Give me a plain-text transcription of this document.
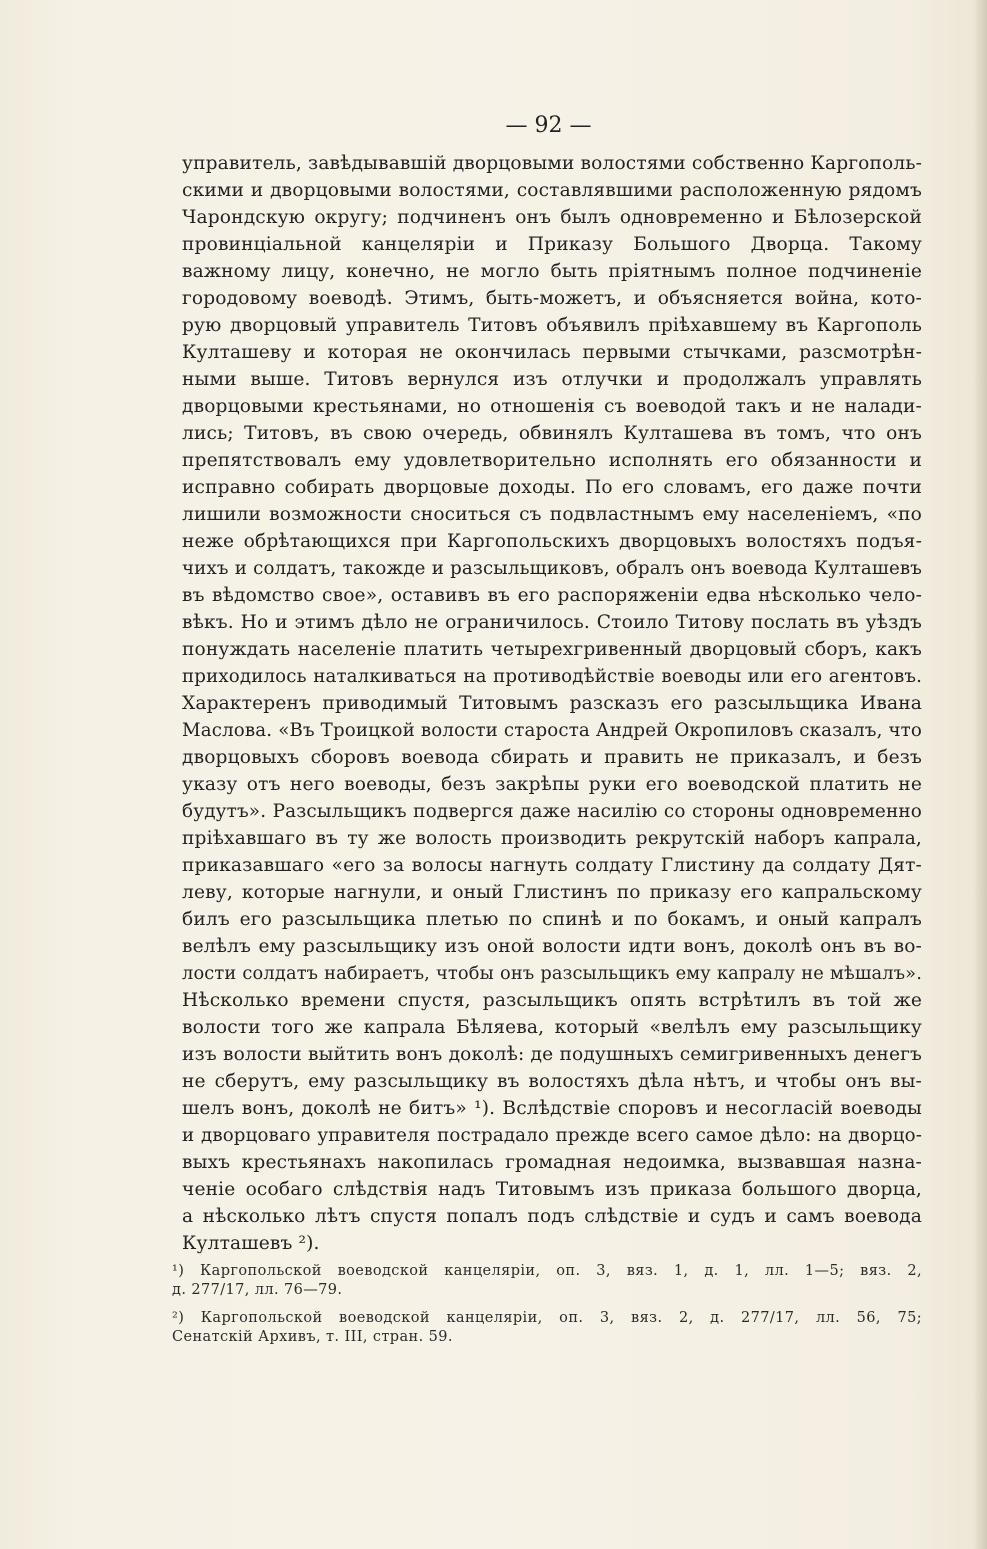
— 92 —
управитель, завѣдывавшій дворцовыми волостями собственно Каргополь-
скими и дворцовыми волостями, составлявшими расположенную рядомъ
Чарондскую округу; подчиненъ онъ былъ одновременно и Бѣлозерской
провинціальной канцеляріи и Приказу Большого Дворца. Такому
важному лицу, конечно, не могло быть пріятнымъ полное подчиненіе
городовому воеводѣ. Этимъ, быть-можетъ, и объясняется война, кото-
рую дворцовый управитель Титовъ объявилъ пріѣхавшему въ Каргополь
Култашеву и которая не окончилась первыми стычками, разсмотрѣн-
ными выше. Титовъ вернулся изъ отлучки и продолжалъ управлять
дворцовыми крестьянами, но отношенія съ воеводой такъ и не налади-
лись; Титовъ, въ свою очередь, обвинялъ Култашева въ томъ, что онъ
препятствовалъ ему удовлетворительно исполнять его обязанности и
исправно собирать дворцовые доходы. По его словамъ, его даже почти
лишили возможности сноситься съ подвластнымъ ему населеніемъ, «по
неже обрѣтающихся при Каргопольскихъ дворцовыхъ волостяхъ подъя-
чихъ и солдатъ, такожде и разсыльщиковъ, обралъ онъ воевода Култашевъ
въ вѣдомство свое», оставивъ въ его распоряженіи едва нѣсколько чело-
вѣкъ. Но и этимъ дѣло не ограничилось. Стоило Титову послать въ уѣздъ
понуждать населеніе платить четырехгривенный дворцовый сборъ, какъ
приходилось наталкиваться на противодѣйствіе воеводы или его агентовъ.
Характеренъ приводимый Титовымъ разсказъ его разсыльщика Ивана
Маслова. «Въ Троицкой волости староста Андрей Окропиловъ сказалъ, что
дворцовыхъ сборовъ воевода сбирать и править не приказалъ, и безъ
указу отъ него воеводы, безъ закрѣпы руки его воеводской платить не
будутъ». Разсыльщикъ подвергся даже насилію со стороны одновременно
пріѣхавшаго въ ту же волость производить рекрутскій наборъ капрала,
приказавшаго «его за волосы нагнуть солдату Глистину да солдату Дят-
леву, которые нагнули, и оный Глистинъ по приказу его капральскому
билъ его разсыльщика плетью по спинѣ и по бокамъ, и оный капралъ
велѣлъ ему разсыльщику изъ оной волости идти вонъ, доколѣ онъ въ во-
лости солдатъ набираетъ, чтобы онъ разсыльщикъ ему капралу не мѣшалъ».
Нѣсколько времени спустя, разсыльщикъ опять встрѣтилъ въ той же
волости того же капрала Бѣляева, который «велѣлъ ему разсыльщику
изъ волости выйтить вонъ доколѣ: де подушныхъ семигривенныхъ денегъ
не сберутъ, ему разсыльщику въ волостяхъ дѣла нѣтъ, и чтобы онъ вы-
шелъ вонъ, доколѣ не битъ» ¹). Вслѣдствіе споровъ и несогласій воеводы
и дворцоваго управителя пострадало прежде всего самое дѣло: на дворцо-
выхъ крестьянахъ накопилась громадная недоимка, вызвавшая назна-
ченіе особаго слѣдствія надъ Титовымъ изъ приказа большого дворца,
а нѣсколько лѣтъ спустя попалъ подъ слѣдствіе и судъ и самъ воевода
Култашевъ ²).
¹) Каргопольской воеводской канцеляріи, оп. 3, вяз. 1, д. 1, лл. 1—5; вяз. 2,
д. 277/17, лл. 76—79.
²) Каргопольской воеводской канцеляріи, оп. 3, вяз. 2, д. 277/17, лл. 56, 75;
Сенатскій Архивъ, т. III, стран. 59.
